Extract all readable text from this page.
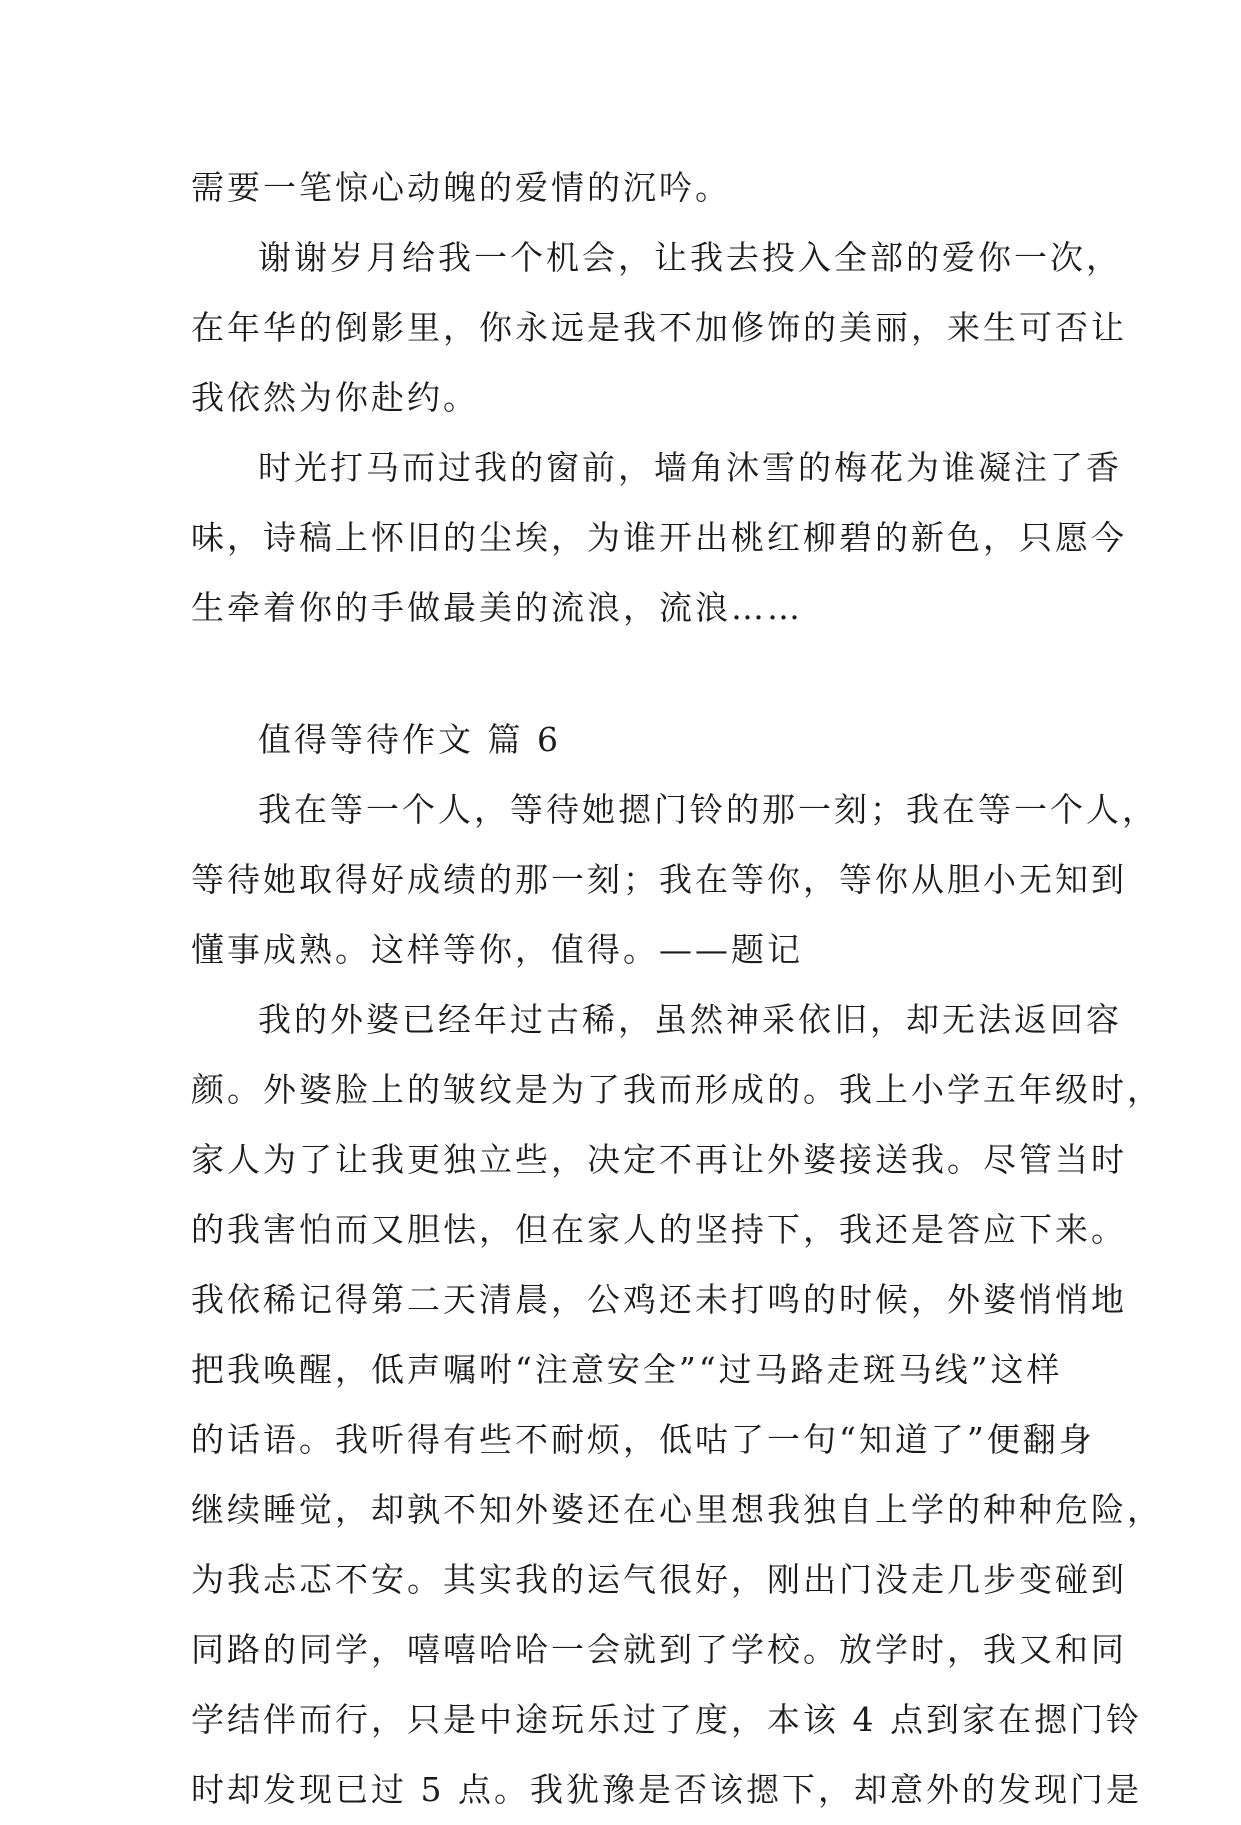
需要一笔惊心动魄的爱情的沉吟。

谢谢岁月给我一个机会，让我去投入全部的爱你一次，

在年华的倒影里，你永远是我不加修饰的美丽，来生可否让

我依然为你赴约。

时光打马而过我的窗前，墙角沐雪的梅花为谁凝注了香

味，诗稿上怀旧的尘埃，为谁开出桃红柳碧的新色，只愿今

生牵着你的手做最美的流浪，流浪……

值得等待作文 篇 6

我在等一个人，等待她摁门铃的那一刻；我在等一个人，

等待她取得好成绩的那一刻；我在等你，等你从胆小无知到

懂事成熟。这样等你，值得。——题记

我的外婆已经年过古稀，虽然神采依旧，却无法返回容

颜。外婆脸上的皱纹是为了我而形成的。我上小学五年级时，

家人为了让我更独立些，决定不再让外婆接送我。尽管当时

的我害怕而又胆怯，但在家人的坚持下，我还是答应下来。

我依稀记得第二天清晨，公鸡还未打鸣的时候，外婆悄悄地

把我唤醒，低声嘱咐“注意安全”“过马路走斑马线”这样

的话语。我听得有些不耐烦，低咕了一句“知道了”便翻身

继续睡觉，却孰不知外婆还在心里想我独自上学的种种危险，

为我忐忑不安。其实我的运气很好，刚出门没走几步变碰到

同路的同学，嘻嘻哈哈一会就到了学校。放学时，我又和同

学结伴而行，只是中途玩乐过了度，本该 4 点到家在摁门铃

时却发现已过 5 点。我犹豫是否该摁下，却意外的发现门是
